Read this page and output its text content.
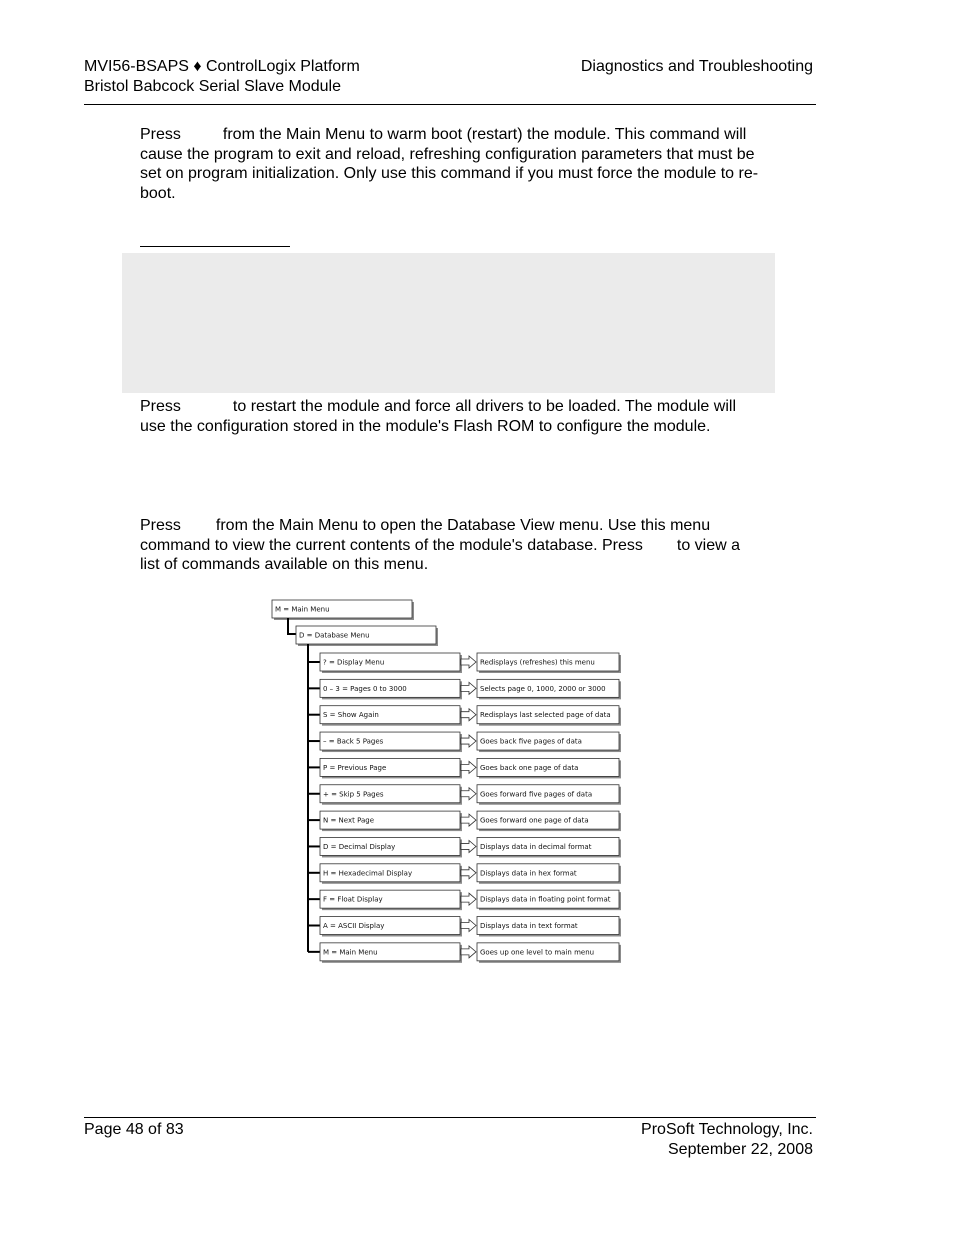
MVI56-BSAPS ♦ ControlLogix Platform
Bristol Babcock Serial Slave Module
Diagnostics and Troubleshooting
Press	from the Main Menu to warm boot (restart) the module. This command will cause the program to exit and reload, refreshing configuration parameters that must be set on program initialization. Only use this command if you must force the module to re-boot.
Press	to restart the module and force all drivers to be loaded. The module will use the configuration stored in the module's Flash ROM to configure the module.
Press from the Main Menu to open the Database View menu. Use this menu command to view the current contents of the module's database. Press to view a list of commands available on this menu.
M = Main Menu
D = Database Menu
? = Display Menu	Redisplays (refreshes) this menu
0 – 3 = Pages 0 to 3000	Selects page 0, 1000, 2000 or 3000
S = Show Again	Redisplays last selected page of data
– = Back 5 Pages	Goes back five pages of data
P = Previous Page	Goes back one page of data
+ = Skip 5 Pages	Goes forward five pages of data
N = Next Page	Goes forward one page of data
D = Decimal Display	Displays data in decimal format
H = Hexadecimal Display	Displays data in hex format
F = Float Display	Displays data in floating point format
A = ASCII Display	Displays data in text format
M = Main Menu	Goes up one level to main menu
Page 48 of 83	ProSoft Technology, Inc.
September 22, 2008
